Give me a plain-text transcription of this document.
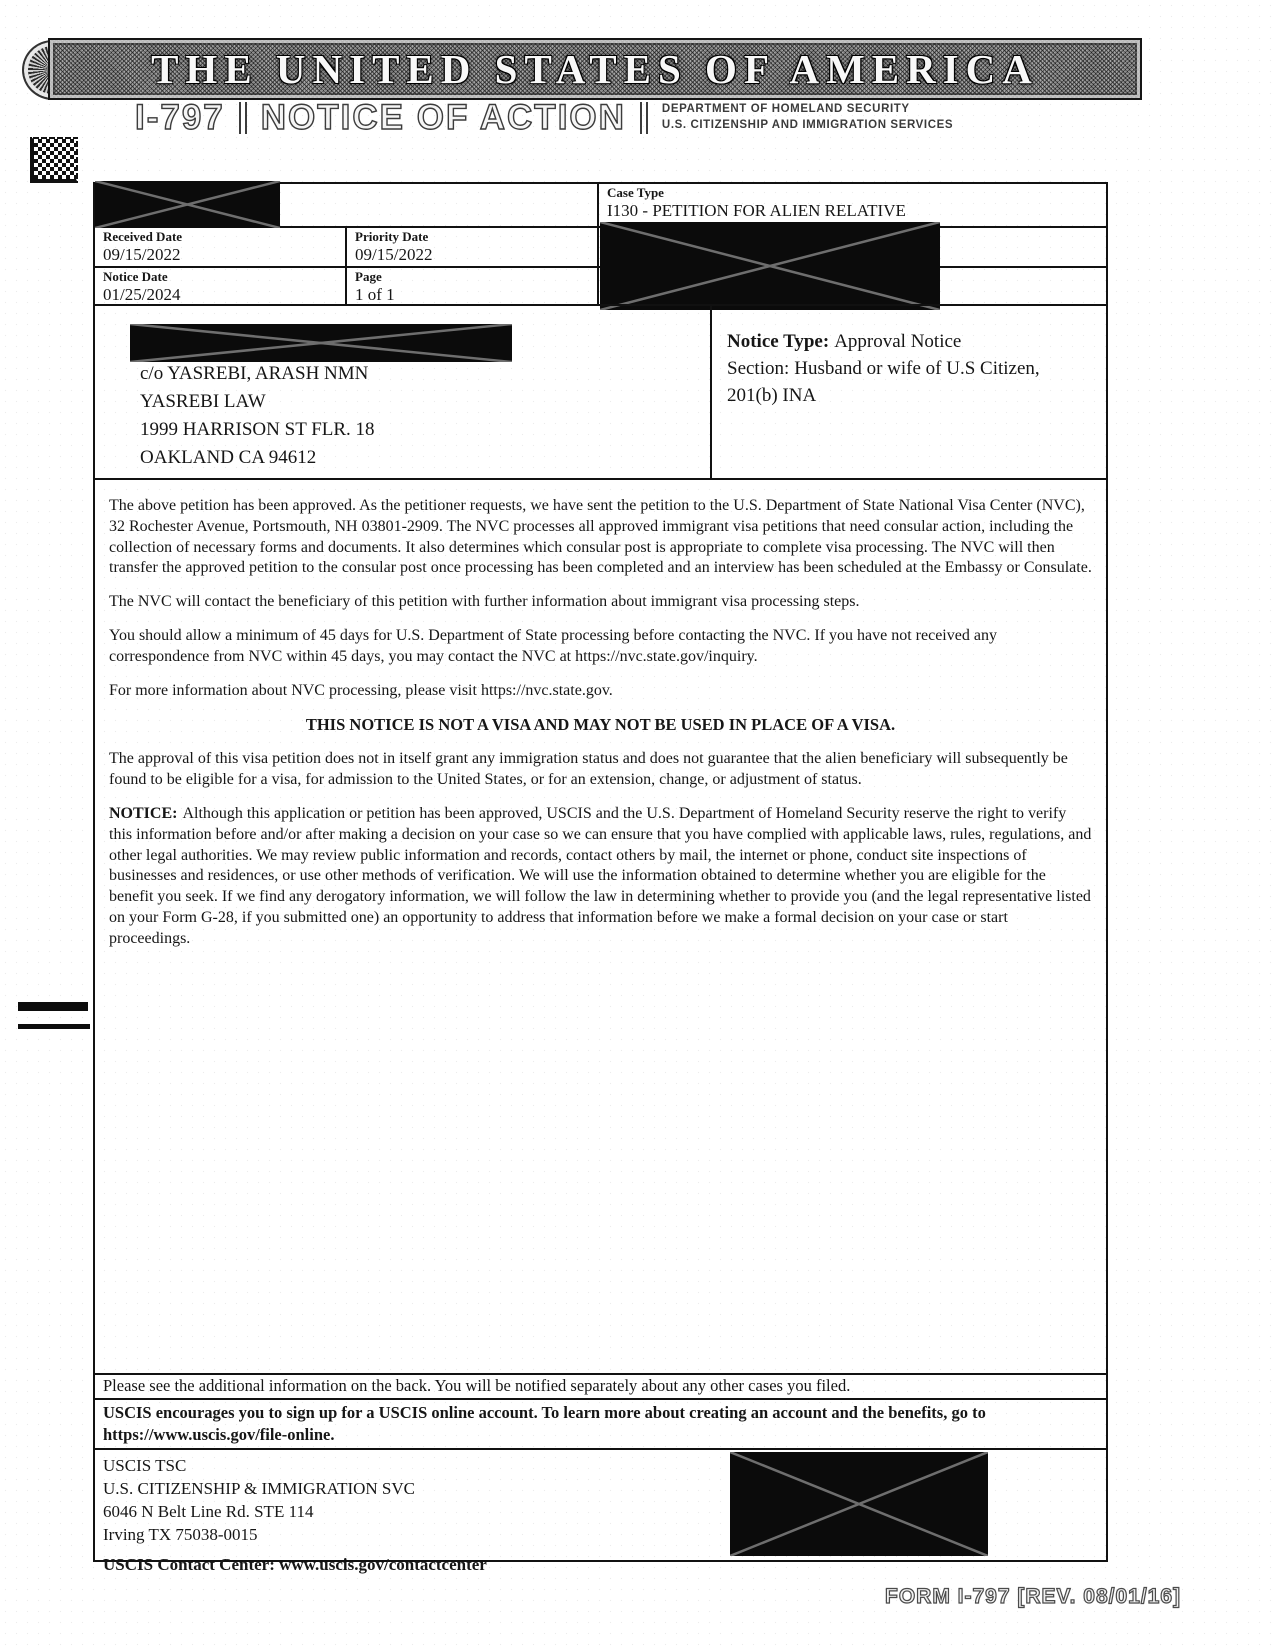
THE UNITED STATES OF AMERICA
I-797 NOTICE OF ACTION	DEPARTMENT OF HOMELAND SECURITY
U.S. CITIZENSHIP AND IMMIGRATION SERVICES
Case Type
I130 - PETITION FOR ALIEN RELATIVE
Received Date
09/15/2022
Priority Date
09/15/2022
Notice Date
01/25/2024
Page
1 of 1
c/o YASREBI, ARASH NMN
YASREBI LAW
1999 HARRISON ST FLR. 18
OAKLAND CA 94612
Notice Type: Approval Notice
Section: Husband or wife of U.S Citizen, 201(b) INA

The above petition has been approved. As the petitioner requests, we have sent the petition to the U.S. Department of State National Visa Center (NVC), 32 Rochester Avenue, Portsmouth, NH 03801-2909. The NVC processes all approved immigrant visa petitions that need consular action, including the collection of necessary forms and documents. It also determines which consular post is appropriate to complete visa processing. The NVC will then transfer the approved petition to the consular post once processing has been completed and an interview has been scheduled at the Embassy or Consulate.

The NVC will contact the beneficiary of this petition with further information about immigrant visa processing steps.

You should allow a minimum of 45 days for U.S. Department of State processing before contacting the NVC. If you have not received any correspondence from NVC within 45 days, you may contact the NVC at https://nvc.state.gov/inquiry.

For more information about NVC processing, please visit https://nvc.state.gov.

THIS NOTICE IS NOT A VISA AND MAY NOT BE USED IN PLACE OF A VISA.

The approval of this visa petition does not in itself grant any immigration status and does not guarantee that the alien beneficiary will subsequently be found to be eligible for a visa, for admission to the United States, or for an extension, change, or adjustment of status.

NOTICE: Although this application or petition has been approved, USCIS and the U.S. Department of Homeland Security reserve the right to verify this information before and/or after making a decision on your case so we can ensure that you have complied with applicable laws, rules, regulations, and other legal authorities. We may review public information and records, contact others by mail, the internet or phone, conduct site inspections of businesses and residences, or use other methods of verification. We will use the information obtained to determine whether you are eligible for the benefit you seek. If we find any derogatory information, we will follow the law in determining whether to provide you (and the legal representative listed on your Form G-28, if you submitted one) an opportunity to address that information before we make a formal decision on your case or start proceedings.

Please see the additional information on the back. You will be notified separately about any other cases you filed.
USCIS encourages you to sign up for a USCIS online account. To learn more about creating an account and the benefits, go to https://www.uscis.gov/file-online.
USCIS TSC
U.S. CITIZENSHIP & IMMIGRATION SVC
6046 N Belt Line Rd. STE 114
Irving TX 75038-0015
USCIS Contact Center: www.uscis.gov/contactcenter
FORM I-797 [REV. 08/01/16]
